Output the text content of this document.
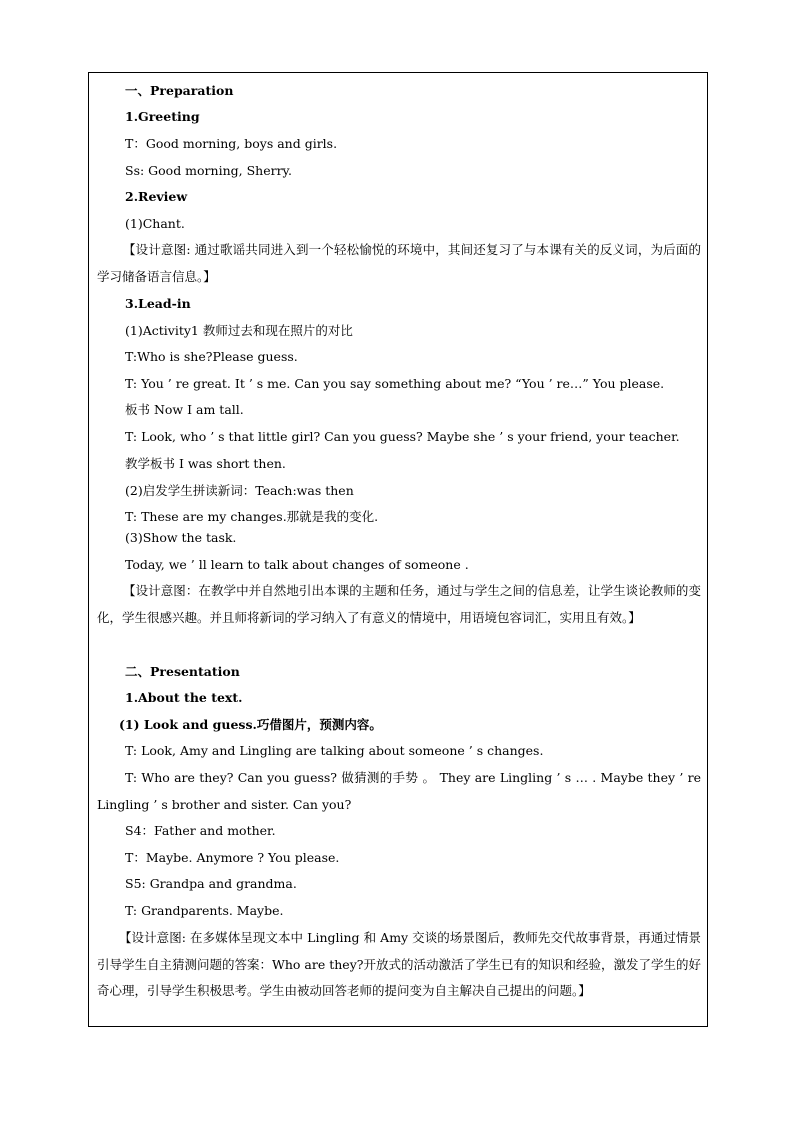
一、Preparation
1.Greeting
T：Good morning, boys and girls.
Ss: Good morning, Sherry.
2.Review
(1)Chant.
【设计意图: 通过歌谣共同进入到一个轻松愉悦的环境中，其间还复习了与本课有关的反义词，为后面的学习储备语言信息。】
3.Lead-in
(1)Activity1 教师过去和现在照片的对比
T:Who is she?Please guess.
T: You ’ re great. It ’ s me. Can you say something about me? “You ’ re…” You please.
板书 Now I am tall.
T: Look, who ’ s that little girl? Can you guess? Maybe she ’ s your friend, your teacher.
教学板书 I was short then.
(2)启发学生拼读新词：Teach:was then
T: These are my changes.那就是我的变化.
(3)Show the task.
Today, we ’ ll learn to talk about changes of someone .
【设计意图：在教学中并自然地引出本课的主题和任务，通过与学生之间的信息差，让学生谈论教师的变化，学生很感兴趣。并且师将新词的学习纳入了有意义的情境中，用语境包容词汇，实用且有效。】
二、Presentation
1.About the text.
(1) Look and guess.巧借图片，预测内容。
T: Look, Amy and Lingling are talking about someone ’ s changes.
T: Who are they? Can you guess? 做猜测的手势 。 They are Lingling ’ s … . Maybe they ’ re Lingling ’ s brother and sister. Can you?
S4：Father and mother.
T：Maybe. Anymore ? You please.
S5: Grandpa and grandma.
T: Grandparents. Maybe.
【设计意图: 在多媒体呈现文本中 Lingling 和 Amy 交谈的场景图后，教师先交代故事背景，再通过情景引导学生自主猜测问题的答案：Who are they?开放式的活动激活了学生已有的知识和经验，激发了学生的好奇心理，引导学生积极思考。学生由被动回答老师的提问变为自主解决自己提出的问题。】
